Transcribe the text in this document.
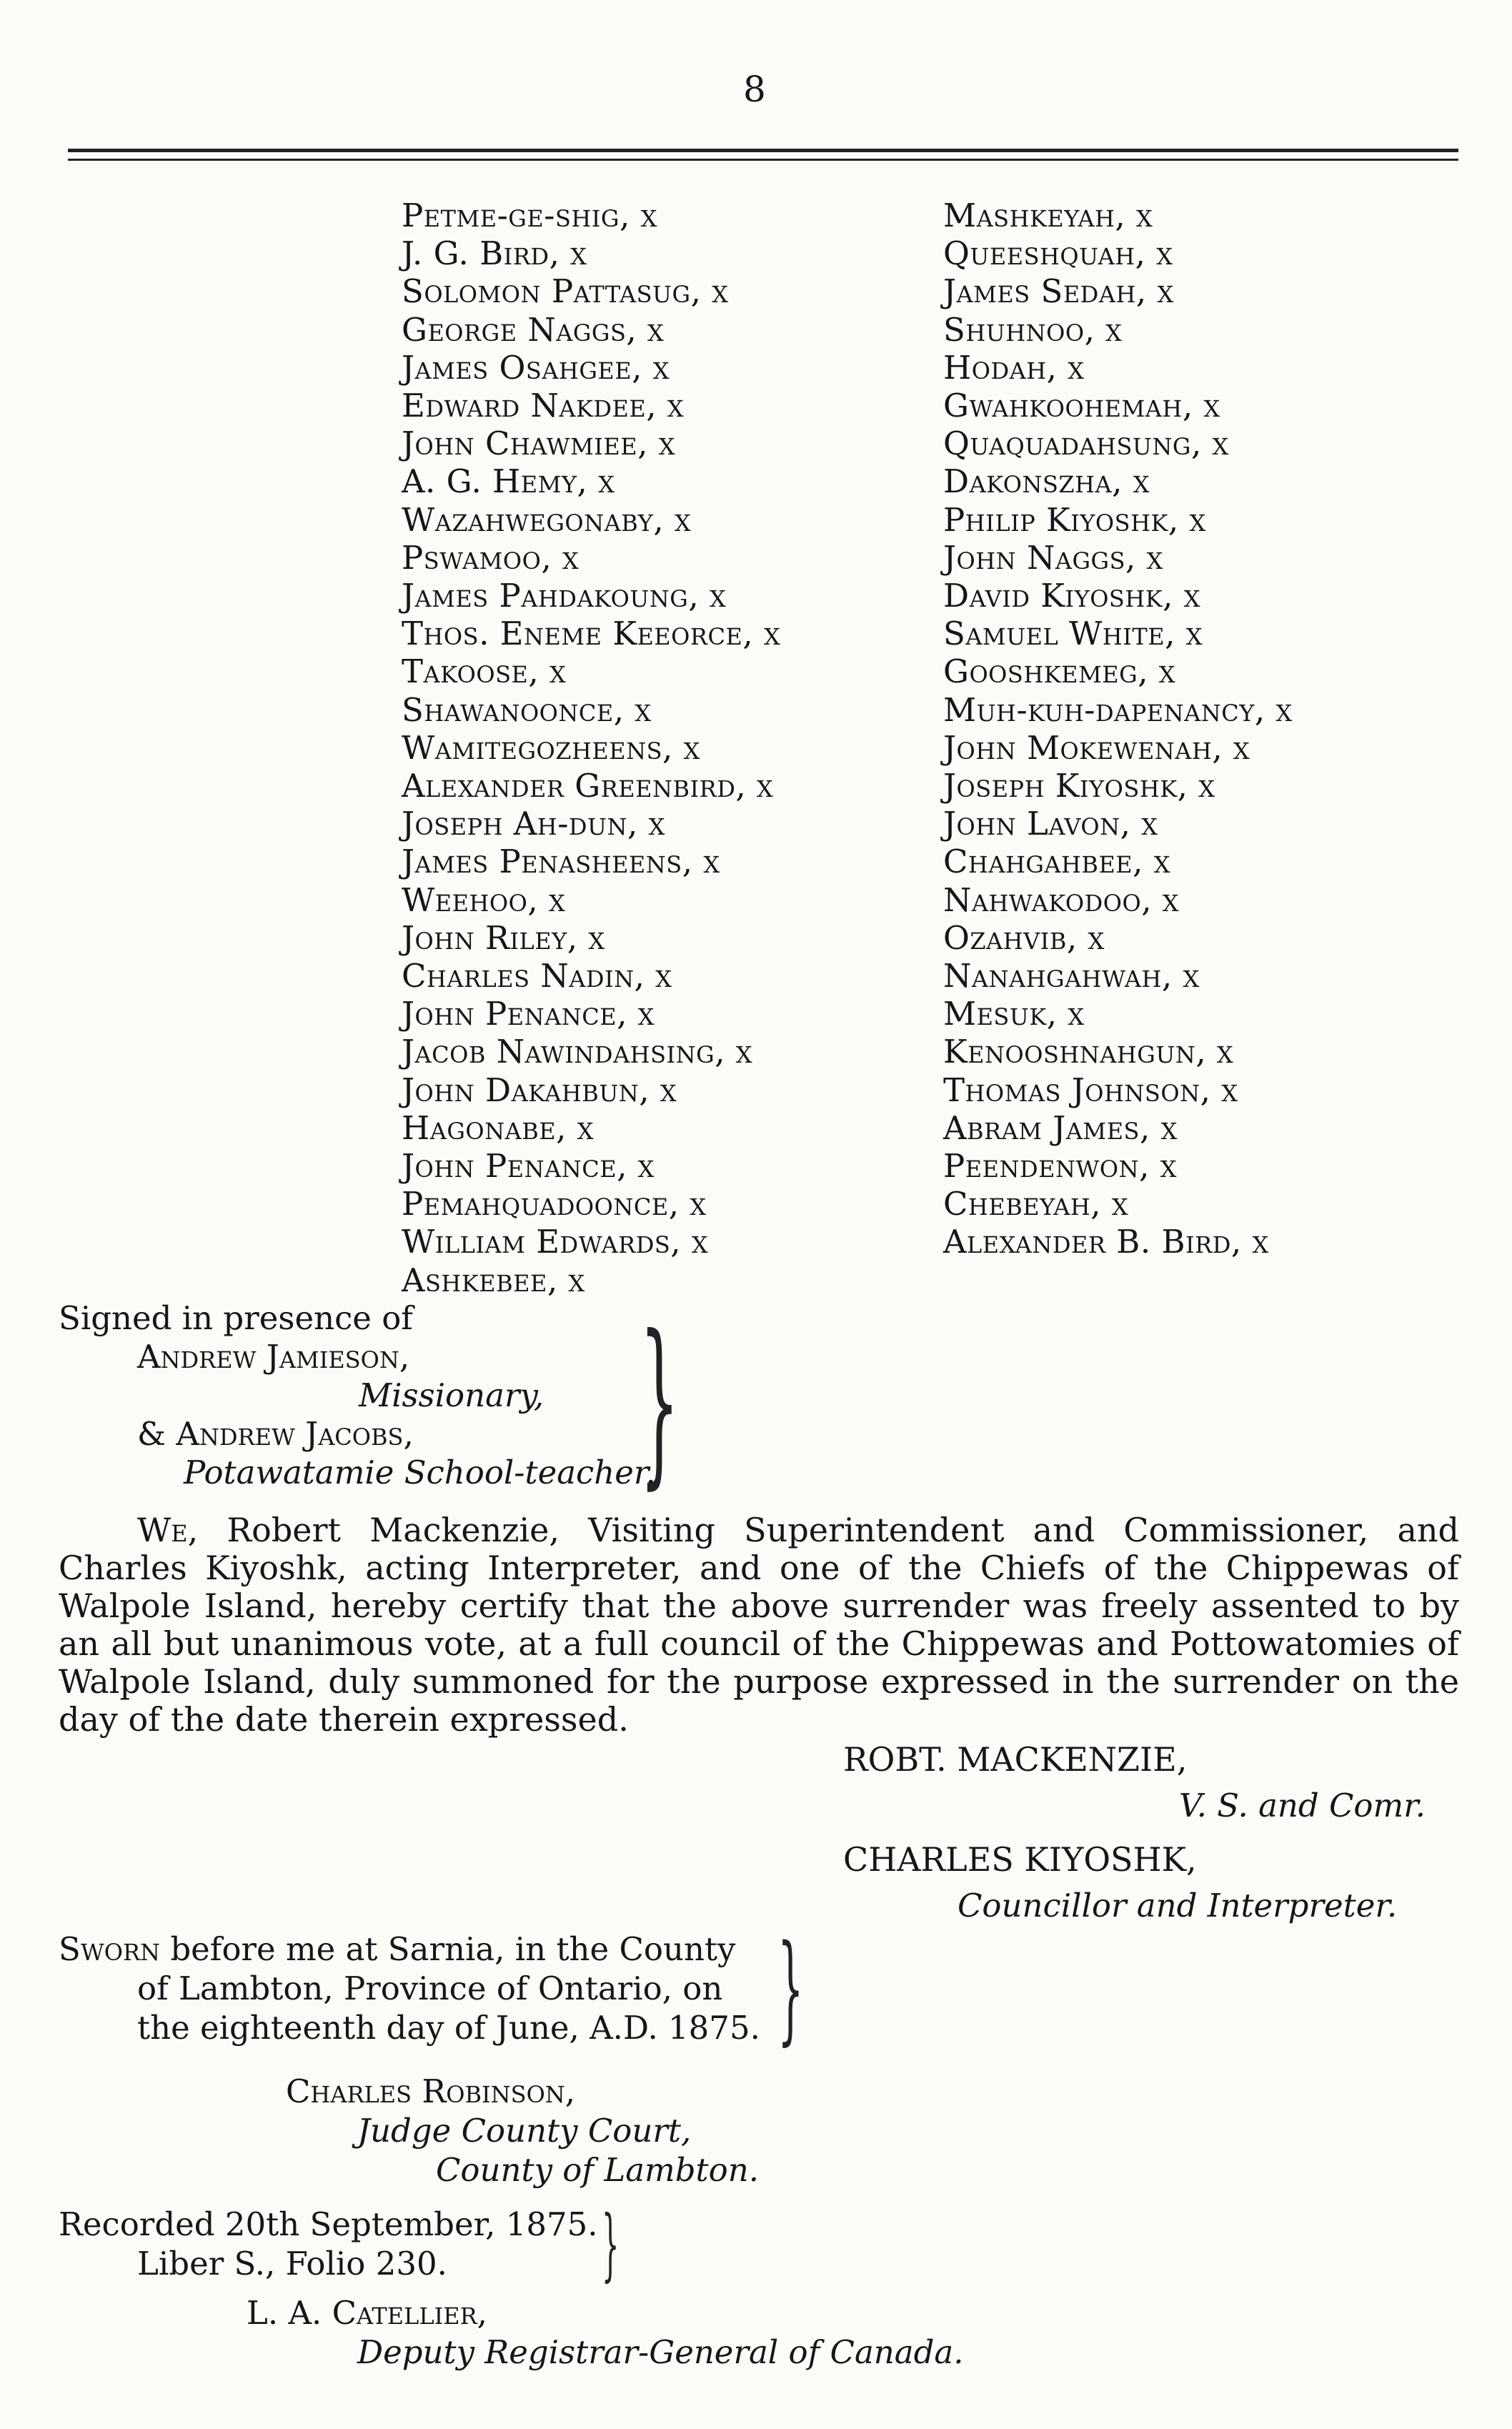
8
Petme-ge-shig, x
J. G. Bird, x
Solomon Pattasug, x
George Naggs, x
James Osahgee, x
Edward Nakdee, x
John Chawmiee, x
A. G. Hemy, x
Wazahwegonaby, x
Pswamoo, x
James Pahdakoung, x
Thos. Eneme Keeorce, x
Takoose, x
Shawanoonce, x
Wamitegozheens, x
Alexander Greenbird, x
Joseph Ah-dun, x
James Penasheens, x
Weehoo, x
John Riley, x
Charles Nadin, x
John Penance, x
Jacob Nawindahsing, x
John Dakahbun, x
Hagonabe, x
John Penance, x
Pemahquadoonce, x
William Edwards, x
Ashkebee, x
Mashkeyah, x
Queeshquah, x
James Sedah, x
Shuhnoo, x
Hodah, x
Gwahkoohemah, x
Quaquadahsung, x
Dakonszha, x
Philip Kiyoshk, x
John Naggs, x
David Kiyoshk, x
Samuel White, x
Gooshkemeg, x
Muh-kuh-dapenancy, x
John Mokewenah, x
Joseph Kiyoshk, x
John Lavon, x
Chahgahbee, x
Nahwakodoo, x
Ozahvib, x
Nanahgahwah, x
Mesuk, x
Kenooshnahgun, x
Thomas Johnson, x
Abram James, x
Peendenwon, x
Chebeyah, x
Alexander B. Bird, x
Signed in presence of
Andrew Jamieson,
Missionary,
& Andrew Jacobs,
Potawatamie School-teacher.
}
We, Robert Mackenzie, Visiting Superintendent and Commissioner, and Charles Kiyoshk, acting Interpreter, and one of the Chiefs of the Chippewas of Walpole Island, hereby certify that the above surrender was freely assented to by an all but unanimous vote, at a full council of the Chippewas and Pottowatomies of Walpole Island, duly summoned for the purpose expressed in the surrender on the day of the date therein expressed.
ROBT. MACKENZIE,
V. S. and Comr.
CHARLES KIYOSHK,
Councillor and Interpreter.
Sworn before me at Sarnia, in the County
of Lambton, Province of Ontario, on
the eighteenth day of June, A.D. 1875. }
Charles Robinson,
Judge County Court,
County of Lambton.
Recorded 20th September, 1875.
Liber S., Folio 230.	}
L. A. Catellier,
Deputy Registrar-General of Canada.
